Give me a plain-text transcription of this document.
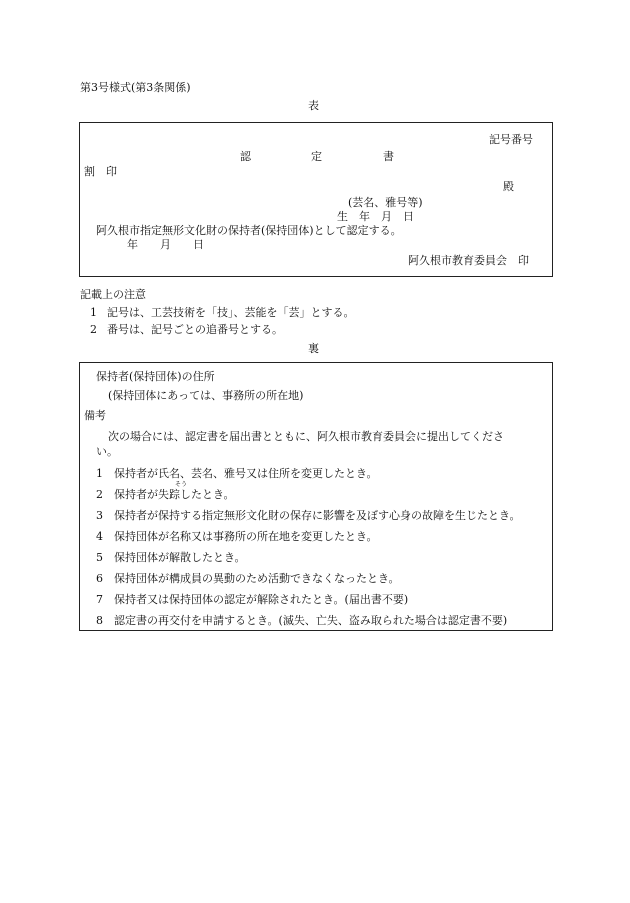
第3号様式(第3条関係)
表
記号番号
認	定	書
割　印
殿
(芸名、雅号等)
生　年　月　日
阿久根市指定無形文化財の保持者(保持団体)として認定する。
年　　月　　日
阿久根市教育委員会　印
記載上の注意
1 記号は、工芸技術を「技」、芸能を「芸」とする。
2 番号は、記号ごとの追番号とする。
裏
保持者(保持団体)の住所
(保持団体にあっては、事務所の所在地)
備考
次の場合には、認定書を届出書とともに、阿久根市教育委員会に提出してくださ
い。
1 保持者が氏名、芸名、雅号又は住所を変更したとき。
そう
2 保持者が失踪したとき。
3 保持者が保持する指定無形文化財の保存に影響を及ぼす心身の故障を生じたとき。
4 保持団体が名称又は事務所の所在地を変更したとき。
5 保持団体が解散したとき。
6 保持団体が構成員の異動のため活動できなくなったとき。
7 保持者又は保持団体の認定が解除されたとき。(届出書不要)
8 認定書の再交付を申請するとき。(滅失、亡失、盗み取られた場合は認定書不要)
